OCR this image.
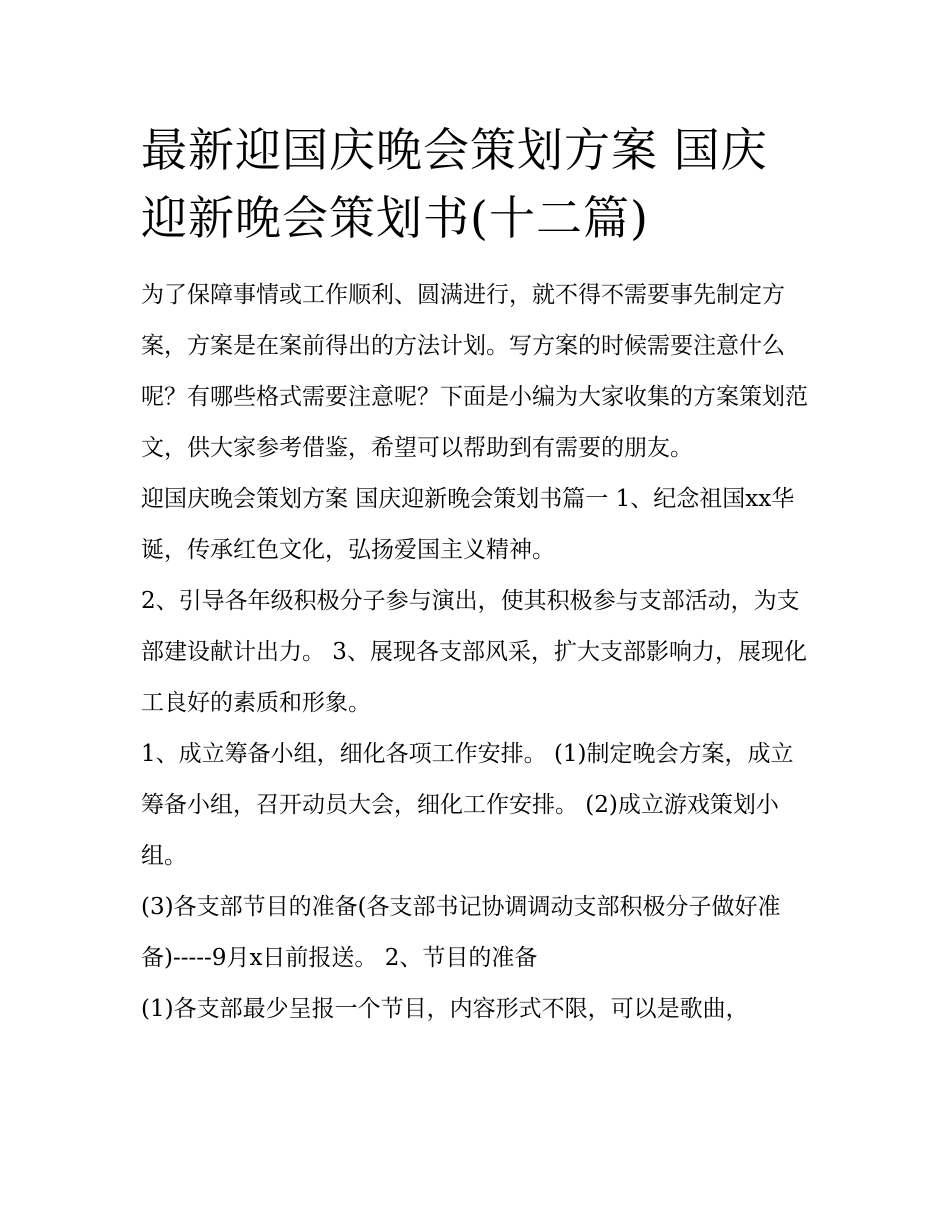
最新迎国庆晚会策划方案 国庆迎新晚会策划书(十二篇)

为了保障事情或工作顺利、圆满进行，就不得不需要事先制定方案，方案是在案前得出的方法计划。写方案的时候需要注意什么呢？有哪些格式需要注意呢？下面是小编为大家收集的方案策划范文，供大家参考借鉴，希望可以帮助到有需要的朋友。

迎国庆晚会策划方案 国庆迎新晚会策划书篇一 1、纪念祖国xx华诞，传承红色文化，弘扬爱国主义精神。

2、引导各年级积极分子参与演出，使其积极参与支部活动，为支部建设献计出力。 3、展现各支部风采，扩大支部影响力，展现化工良好的素质和形象。

1、成立筹备小组，细化各项工作安排。 (1)制定晚会方案，成立筹备小组，召开动员大会，细化工作安排。 (2)成立游戏策划小组。

(3)各支部节目的准备(各支部书记协调调动支部积极分子做好准备)-----9月x日前报送。 2、节目的准备

(1)各支部最少呈报一个节目，内容形式不限，可以是歌曲，
